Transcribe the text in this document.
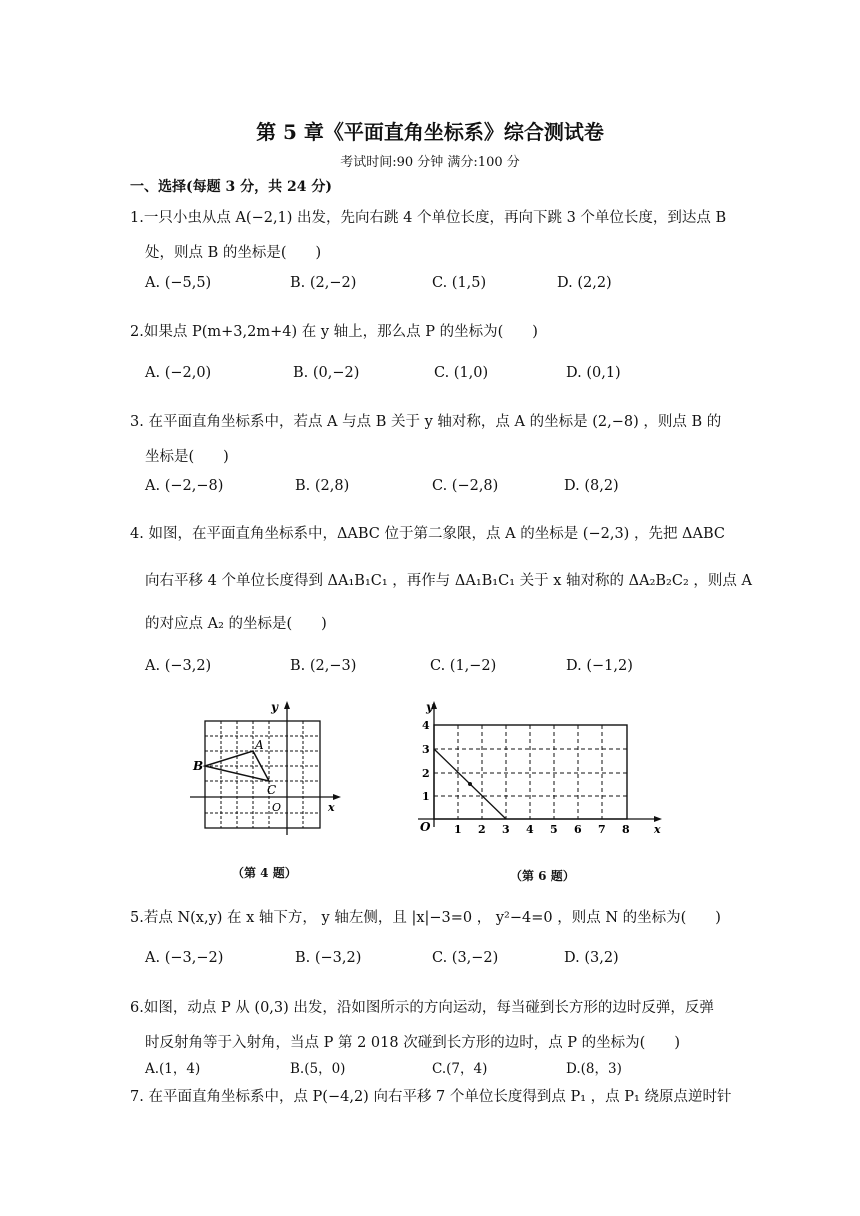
第 5 章《平面直角坐标系》综合测试卷
考试时间:90 分钟 满分:100 分
一、选择(每题 3 分，共 24 分)
1.一只小虫从点 A(−2,1) 出发，先向右跳 4 个单位长度，再向下跳 3 个单位长度，到达点 B
处，则点 B 的坐标是(　　)
A. (−5,5)	B. (2,−2)	C. (1,5)	D. (2,2)
2.如果点 P(m+3,2m+4) 在 y 轴上，那么点 P 的坐标为(　　)
A. (−2,0)	B. (0,−2)	C. (1,0)	D. (0,1)
3. 在平面直角坐标系中，若点 A 与点 B 关于 y 轴对称，点 A 的坐标是 (2,−8) ，则点 B 的
坐标是(　　)
A. (−2,−8)	B. (2,8)	C. (−2,8)	D. (8,2)
4. 如图，在平面直角坐标系中，ΔABC 位于第二象限，点 A 的坐标是 (−2,3) ，先把 ΔABC
向右平移 4 个单位长度得到 ΔA₁B₁C₁ ，再作与 ΔA₁B₁C₁ 关于 x 轴对称的 ΔA₂B₂C₂ ，则点 A
的对应点 A₂ 的坐标是(　　)
A. (−3,2)	B. (2,−3)	C. (1,−2)	D. (−1,2)
A
B
C
O
y
x
（第 4 题）
y
x
O 1 2 3 4 5 6 7 8
1
2
3
4
（第 6 题）
5.若点 N(x,y) 在 x 轴下方， y 轴左侧，且 |x|−3=0 ， y²−4=0 ，则点 N 的坐标为(　　)
A. (−3,−2)	B. (−3,2)	C. (3,−2)	D. (3,2)
6.如图，动点 P 从 (0,3) 出发，沿如图所示的方向运动，每当碰到长方形的边时反弹，反弹
时反射角等于入射角，当点 P 第 2 018 次碰到长方形的边时，点 P 的坐标为(　　)
A.(1，4)	B.(5，0)	C.(7，4)	D.(8，3)
7. 在平面直角坐标系中，点 P(−4,2) 向右平移 7 个单位长度得到点 P₁ ，点 P₁ 绕原点逆时针
